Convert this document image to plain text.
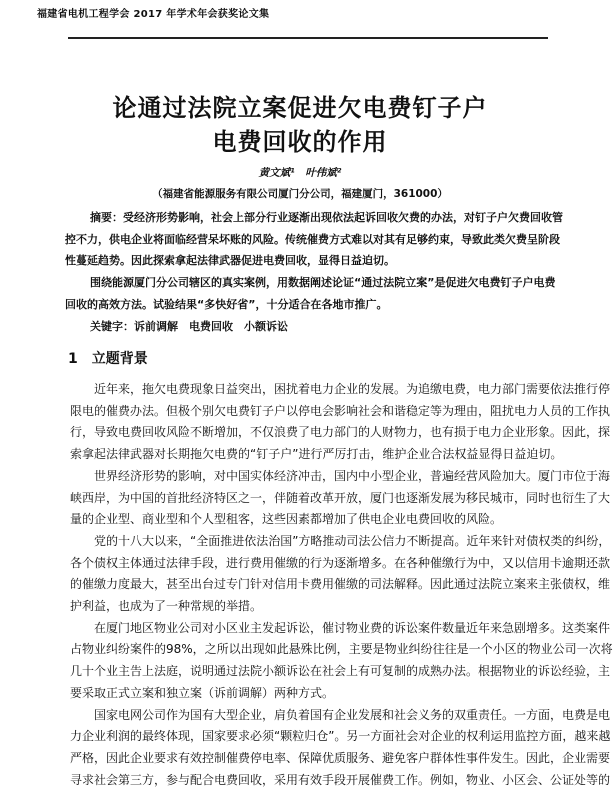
福建省电机工程学会 2017 年学术年会获奖论文集
论通过法院立案促进欠电费钉子户
电费回收的作用
黄文斌¹　叶伟斌²
（福建省能源服务有限公司厦门分公司，福建厦门，361000）
摘要：受经济形势影响，社会上部分行业逐渐出现依法起诉回收欠费的办法，对钉子户欠费回收管
控不力，供电企业将面临经营呆坏账的风险。传统催费方式难以对其有足够约束，导致此类欠费呈阶段
性蔓延趋势。因此探索拿起法律武器促进电费回收，显得日益迫切。
围绕能源厦门分公司辖区的真实案例，用数据阐述论证“通过法院立案”是促进欠电费钉子户电费
回收的高效方法。试验结果“多快好省”，十分适合在各地市推广。
关键字：诉前调解　电费回收　小额诉讼
1 立题背景
近年来，拖欠电费现象日益突出，困扰着电力企业的发展。为追缴电费，电力部门需要依法推行停
限电的催费办法。但极个别欠电费钉子户以停电会影响社会和谐稳定等为理由，阻扰电力人员的工作执
行，导致电费回收风险不断增加，不仅浪费了电力部门的人财物力，也有损于电力企业形象。因此，探
索拿起法律武器对长期拖欠电费的“钉子户”进行严厉打击，维护企业合法权益显得日益迫切。
世界经济形势的影响，对中国实体经济冲击，国内中小型企业，普遍经营风险加大。厦门市位于海
峡西岸，为中国的首批经济特区之一，伴随着改革开放，厦门也逐渐发展为移民城市，同时也衍生了大
量的企业型、商业型和个人型租客，这些因素都增加了供电企业电费回收的风险。
党的十八大以来，“全面推进依法治国”方略推动司法公信力不断提高。近年来针对债权类的纠纷，
各个债权主体通过法律手段，进行费用催缴的行为逐渐增多。在各种催缴行为中，又以信用卡逾期还款
的催缴力度最大，甚至出台过专门针对信用卡费用催缴的司法解释。因此通过法院立案来主张债权，维
护利益，也成为了一种常规的举措。
在厦门地区物业公司对小区业主发起诉讼，催讨物业费的诉讼案件数量近年来急剧增多。这类案件
占物业纠纷案件的98%，之所以出现如此悬殊比例，主要是物业纠纷往往是一个小区的物业公司一次将
几十个业主告上法庭，说明通过法院小额诉讼在社会上有可复制的成熟办法。根据物业的诉讼经验，主
要采取正式立案和独立案（诉前调解）两种方式。
国家电网公司作为国有大型企业，肩负着国有企业发展和社会义务的双重责任。一方面，电费是电
力企业利润的最终体现，国家要求必须“颗粒归仓”。另一方面社会对企业的权利运用监控方面，越来越
严格，因此企业要求有效控制催费停电率、保障优质服务、避免客户群体性事件发生。因此，企业需要
寻求社会第三方，参与配合电费回收，采用有效手段开展催费工作。例如，物业、小区会、公证处等的
